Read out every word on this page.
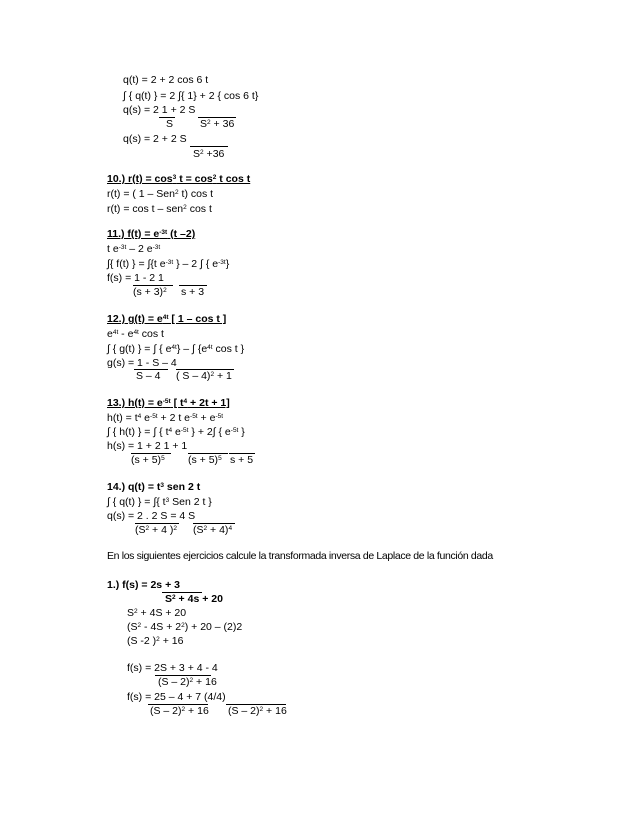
q(t) = 2 + 2 cos 6 t
∫ { q(t) } = 2 ∫{ 1} + 2 { cos 6 t}
q(s) = 2 1 + 2 S
S	$S^2 + 36$
q(s) = 2 + 2 S
$S^2 +36$
10.) $r(t) = \cos^3 t = \cos^2 t$ cos t
r(t) = ( 1 – Sen$^2$ t) cos t
r(t) = cos t – sen$^2$ cos t
11.) $f(t) = e^{-3t}$ (t –2)
t $e^{-3t} - 2$ $e^{-3t}$
∫{ f(t) } = ∫{t $e^{-3t}$ } – 2 ∫ { $e^{-3t}$}
f(s) = 1 - 2 1
$(s + 3)^2$ s + 3
12.) $g(t) = e^{4t}$ [ 1 – cos t ]
$e^{4t} - e^{4t}$ cos t
∫ { g(t) } = ∫ { $e^{4t}$} – ∫ {$e^{4t}$ cos t }
g(s) = 1 - S – 4
S – 4 ( S – 4)$^2$ + 1
13.) $h(t) = e^{-5t}$ [ $t^4 + 2t + 1$]
$h(t) = t^4$ $e^{-5t} + 2$ t $e^{-5t} + e^{-5t}$
∫ { h(t) } = ∫ { $t^4$ $e^{-5t}$ } + 2∫ { $e^{-5t}$ }
h(s) = 1 + 2 1 + 1
$(s + 5)^5$ $(s + 5)^5$ s + 5
14.) $q(t) = t^3$ sen 2 t
∫ { q(t) } = ∫{ $t^3$ Sen 2 t }
q(s) = 2 . 2 S = 4 S
($S^2 + 4$ )$^2$ $(S^2 + 4)^4$
En los siguientes ejercicios calcule la transformada inversa de Laplace de la función dada
1.) f(s) = 2s + 3
$S^2 + 4s + 20$
$S^2 + 4S + 20$
$(S^2 - 4S + 2^2) + 20 - (2)2$
(S -2 )$^2$ + 16
f(s) = 2S + 3 + 4 - 4
(S – 2)$^2$ + 16
f(s) = 25 – 4 + 7 (4/4)
(S – 2)$^2$ + 16 (S – 2)$^2$ + 16
